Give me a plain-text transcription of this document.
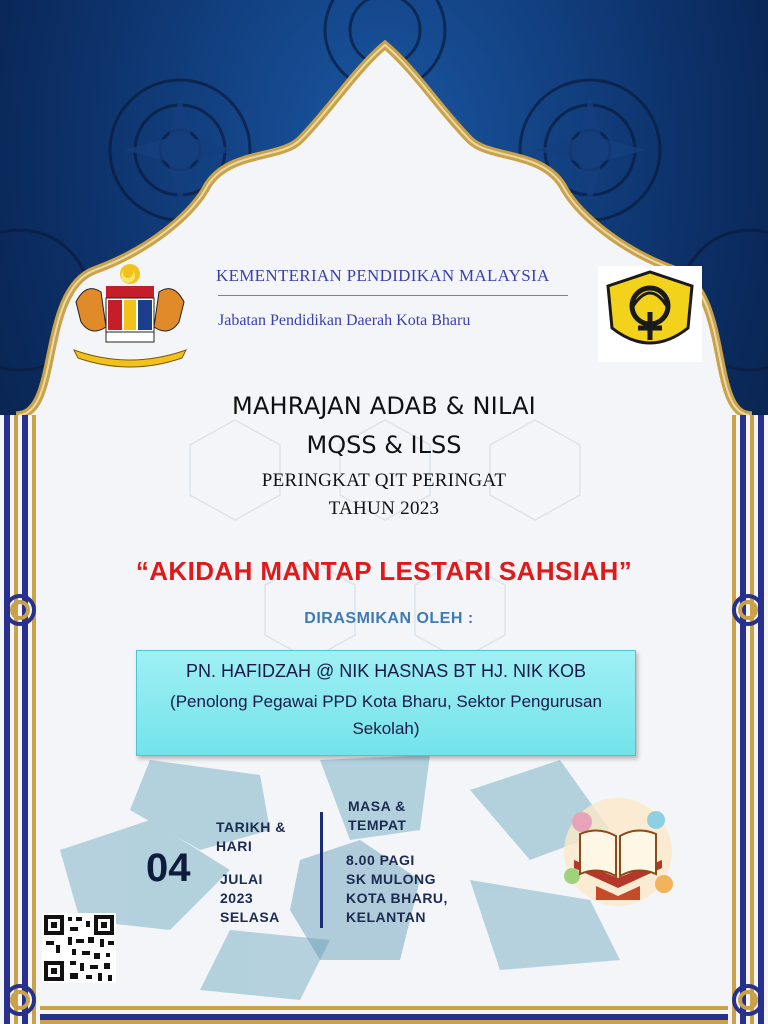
KEMENTERIAN PENDIDIKAN MALAYSIA
Jabatan Pendidikan Daerah Kota Bharu
MAHRAJAN ADAB & NILAI
MQSS & ILSS
PERINGKAT QIT PERINGAT
TAHUN 2023
“AKIDAH MANTAP LESTARI SAHSIAH”
DIRASMIKAN OLEH :
PN. HAFIDZAH @ NIK HASNAS BT HJ. NIK KOB
(Penolong Pegawai PPD Kota Bharu, Sektor Pengurusan Sekolah)
04
TARIKH &
HARI
JULAI
2023
SELASA
MASA &
TEMPAT
8.00 PAGI
SK MULONG
KOTA BHARU,
KELANTAN
